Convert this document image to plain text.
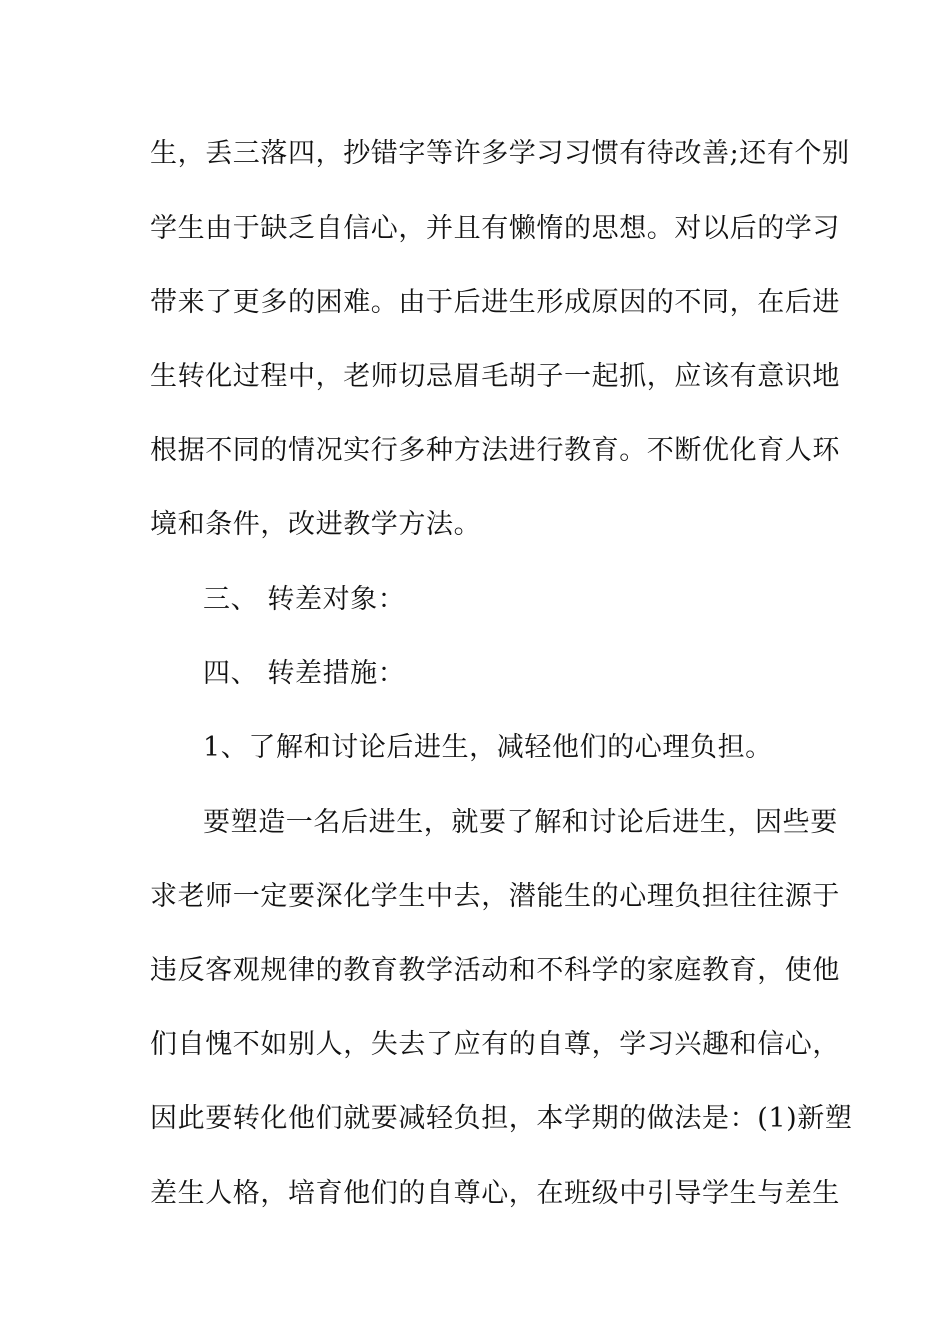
生，丢三落四，抄错字等许多学习习惯有待改善;还有个别
学生由于缺乏自信心，并且有懒惰的思想。对以后的学习
带来了更多的困难。由于后进生形成原因的不同，在后进
生转化过程中，老师切忌眉毛胡子一起抓，应该有意识地
根据不同的情况实行多种方法进行教育。不断优化育人环
境和条件，改进教学方法。
三、 转差对象：
四、 转差措施：
1、了解和讨论后进生，减轻他们的心理负担。
要塑造一名后进生，就要了解和讨论后进生，因些要
求老师一定要深化学生中去，潜能生的心理负担往往源于
违反客观规律的教育教学活动和不科学的家庭教育，使他
们自愧不如别人，失去了应有的自尊，学习兴趣和信心，
因此要转化他们就要减轻负担，本学期的做法是：(1)新塑
差生人格，培育他们的自尊心，在班级中引导学生与差生
